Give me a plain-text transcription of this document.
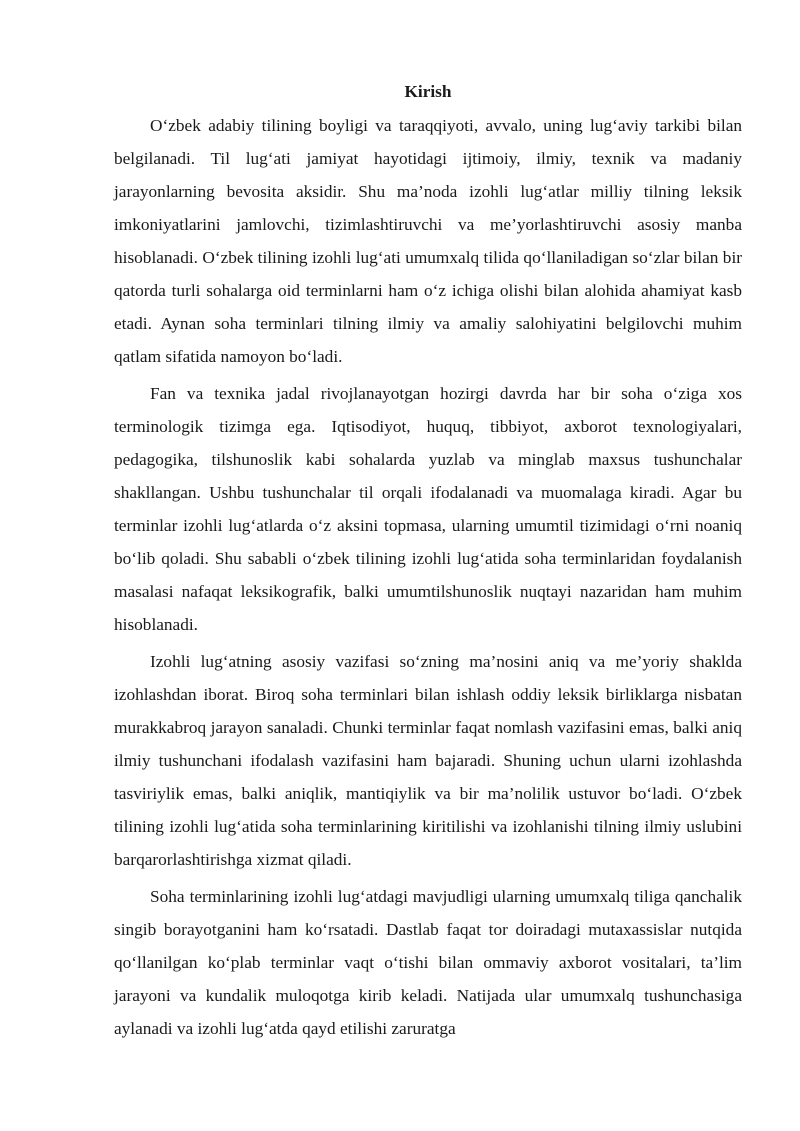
Kirish

O‘zbek adabiy tilining boyligi va taraqqiyoti, avvalo, uning lug‘aviy tarkibi bilan belgilanadi. Til lug‘ati jamiyat hayotidagi ijtimoiy, ilmiy, texnik va madaniy jarayonlarning bevosita aksidir. Shu ma’noda izohli lug‘atlar milliy tilning leksik imkoniyatlarini jamlovchi, tizimlashtiruvchi va me’yorlashtiruvchi asosiy manba hisoblanadi. O‘zbek tilining izohli lug‘ati umumxalq tilida qo‘llaniladigan so‘zlar bilan bir qatorda turli sohalarga oid terminlarni ham o‘z ichiga olishi bilan alohida ahamiyat kasb etadi. Aynan soha terminlari tilning ilmiy va amaliy salohiyatini belgilovchi muhim qatlam sifatida namoyon bo‘ladi.

Fan va texnika jadal rivojlanayotgan hozirgi davrda har bir soha o‘ziga xos terminologik tizimga ega. Iqtisodiyot, huquq, tibbiyot, axborot texnologiyalari, pedagogika, tilshunoslik kabi sohalarda yuzlab va minglab maxsus tushunchalar shakllangan. Ushbu tushunchalar til orqali ifodalanadi va muomalaga kiradi. Agar bu terminlar izohli lug‘atlarda o‘z aksini topmasa, ularning umumtil tizimidagi o‘rni noaniq bo‘lib qoladi. Shu sababli o‘zbek tilining izohli lug‘atida soha terminlaridan foydalanish masalasi nafaqat leksikografik, balki umumtilshunoslik nuqtayi nazaridan ham muhim hisoblanadi.

Izohli lug‘atning asosiy vazifasi so‘zning ma’nosini aniq va me’yoriy shaklda izohlashdan iborat. Biroq soha terminlari bilan ishlash oddiy leksik birliklarga nisbatan murakkabroq jarayon sanaladi. Chunki terminlar faqat nomlash vazifasini emas, balki aniq ilmiy tushunchani ifodalash vazifasini ham bajaradi. Shuning uchun ularni izohlashda tasviriylik emas, balki aniqlik, mantiqiylik va bir ma’nolilik ustuvor bo‘ladi. O‘zbek tilining izohli lug‘atida soha terminlarining kiritilishi va izohlanishi tilning ilmiy uslubini barqarorlashtirishga xizmat qiladi.

Soha terminlarining izohli lug‘atdagi mavjudligi ularning umumxalq tiliga qanchalik singib borayotganini ham ko‘rsatadi. Dastlab faqat tor doiradagi mutaxassislar nutqida qo‘llanilgan ko‘plab terminlar vaqt o‘tishi bilan ommaviy axborot vositalari, ta’lim jarayoni va kundalik muloqotga kirib keladi. Natijada ular umumxalq tushunchasiga aylanadi va izohli lug‘atda qayd etilishi zaruratga
